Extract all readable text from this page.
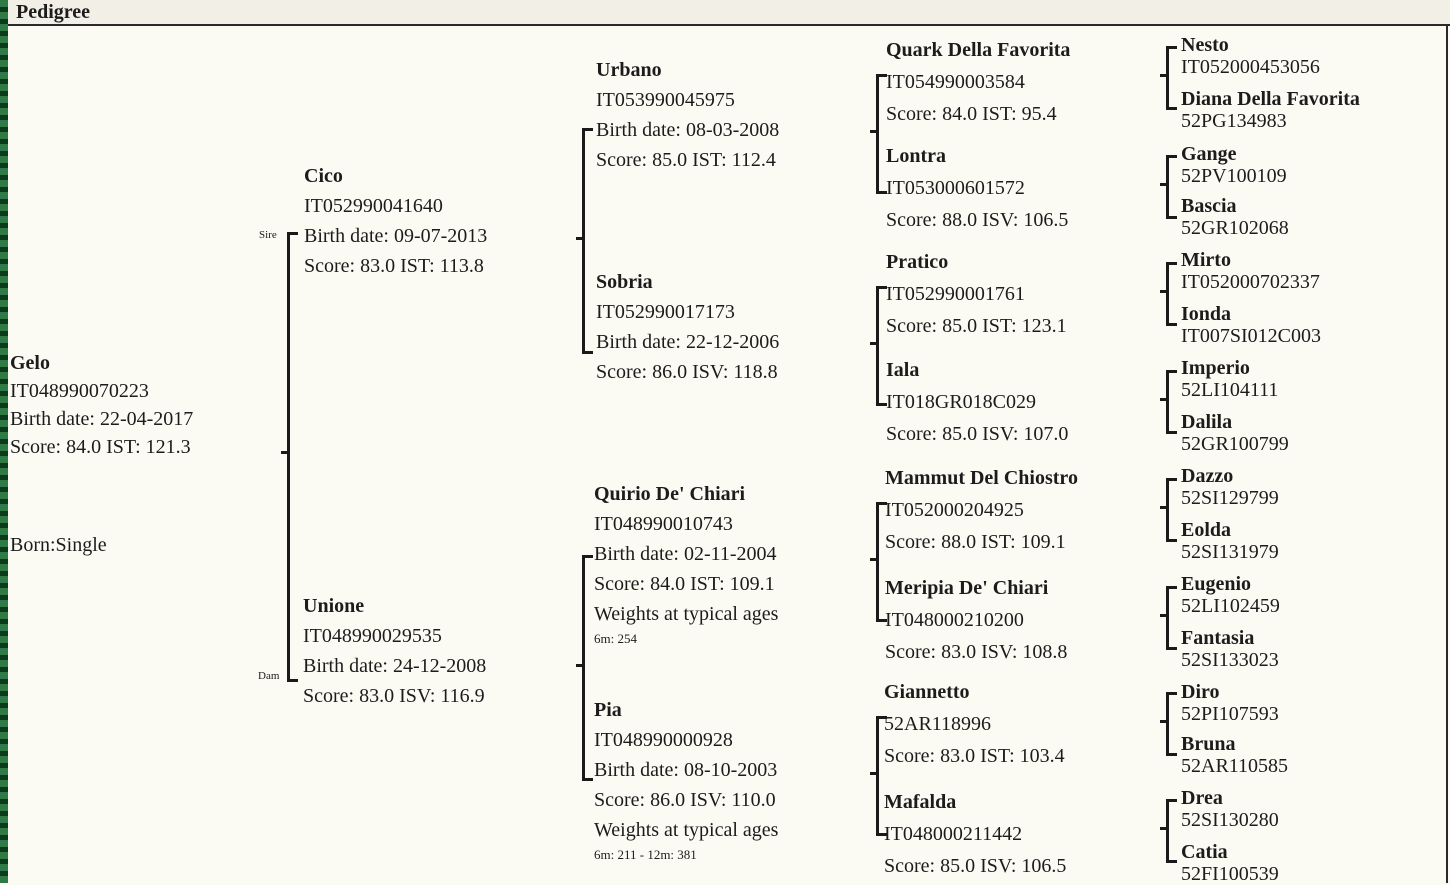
Pedigree
Gelo
IT048990070223
Birth date: 22-04-2017
Score: 84.0 IST: 121.3
Born:Single
Sire
Dam
Cico
IT052990041640
Birth date: 09-07-2013
Score: 83.0 IST: 113.8
Unione
IT048990029535
Birth date: 24-12-2008
Score: 83.0 ISV: 116.9
Urbano
IT053990045975
Birth date: 08-03-2008
Score: 85.0 IST: 112.4
Sobria
IT052990017173
Birth date: 22-12-2006
Score: 86.0 ISV: 118.8
Quirio De' Chiari
IT048990010743
Birth date: 02-11-2004
Score: 84.0 IST: 109.1
Weights at typical ages
6m: 254
Pia
IT048990000928
Birth date: 08-10-2003
Score: 86.0 ISV: 110.0
Weights at typical ages
6m: 211 - 12m: 381
Quark Della Favorita
IT054990003584
Score: 84.0 IST: 95.4
Lontra
IT053000601572
Score: 88.0 ISV: 106.5
Pratico
IT052990001761
Score: 85.0 IST: 123.1
Iala
IT018GR018C029
Score: 85.0 ISV: 107.0
Mammut Del Chiostro
IT052000204925
Score: 88.0 IST: 109.1
Meripia De' Chiari
IT048000210200
Score: 83.0 ISV: 108.8
Giannetto
52AR118996
Score: 83.0 IST: 103.4
Mafalda
IT048000211442
Score: 85.0 ISV: 106.5
Nesto
IT052000453056
Diana Della Favorita
52PG134983
Gange
52PV100109
Bascia
52GR102068
Mirto
IT052000702337
Ionda
IT007SI012C003
Imperio
52LI104111
Dalila
52GR100799
Dazzo
52SI129799
Eolda
52SI131979
Eugenio
52LI102459
Fantasia
52SI133023
Diro
52PI107593
Bruna
52AR110585
Drea
52SI130280
Catia
52FI100539
